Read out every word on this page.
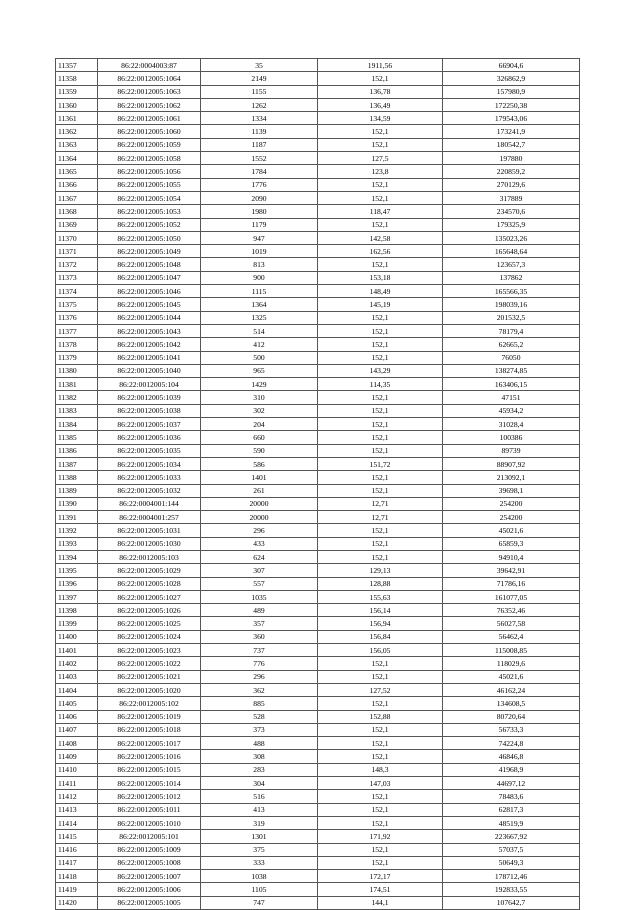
11357	86:22:0004003:87	35	1911,56	66904,6
11358	86:22:0012005:1064	2149	152,1	326862,9
11359	86:22:0012005:1063	1155	136,78	157980,9
11360	86:22:0012005:1062	1262	136,49	172250,38
11361	86:22:0012005:1061	1334	134,59	179543,06
11362	86:22:0012005:1060	1139	152,1	173241,9
11363	86:22:0012005:1059	1187	152,1	180542,7
11364	86:22:0012005:1058	1552	127,5	197880
11365	86:22:0012005:1056	1784	123,8	220859,2
11366	86:22:0012005:1055	1776	152,1	270129,6
11367	86:22:0012005:1054	2090	152,1	317889
11368	86:22:0012005:1053	1980	118,47	234570,6
11369	86:22:0012005:1052	1179	152,1	179325,9
11370	86:22:0012005:1050	947	142,58	135023,26
11371	86:22:0012005:1049	1019	162,56	165648,64
11372	86:22:0012005:1048	813	152,1	123657,3
11373	86:22:0012005:1047	900	153,18	137862
11374	86:22:0012005:1046	1115	148,49	165566,35
11375	86:22:0012005:1045	1364	145,19	198039,16
11376	86:22:0012005:1044	1325	152,1	201532,5
11377	86:22:0012005:1043	514	152,1	78179,4
11378	86:22:0012005:1042	412	152,1	62665,2
11379	86:22:0012005:1041	500	152,1	76050
11380	86:22:0012005:1040	965	143,29	138274,85
11381	86:22:0012005:104	1429	114,35	163406,15
11382	86:22:0012005:1039	310	152,1	47151
11383	86:22:0012005:1038	302	152,1	45934,2
11384	86:22:0012005:1037	204	152,1	31028,4
11385	86:22:0012005:1036	660	152,1	100386
11386	86:22:0012005:1035	590	152,1	89739
11387	86:22:0012005:1034	586	151,72	88907,92
11388	86:22:0012005:1033	1401	152,1	213092,1
11389	86:22:0012005:1032	261	152,1	39698,1
11390	86:22:0004001:144	20000	12,71	254200
11391	86:22:0004001:257	20000	12,71	254200
11392	86:22:0012005:1031	296	152,1	45021,6
11393	86:22:0012005:1030	433	152,1	65859,3
11394	86:22:0012005:103	624	152,1	94910,4
11395	86:22:0012005:1029	307	129,13	39642,91
11396	86:22:0012005:1028	557	128,88	71786,16
11397	86:22:0012005:1027	1035	155,63	161077,05
11398	86:22:0012005:1026	489	156,14	76352,46
11399	86:22:0012005:1025	357	156,94	56027,58
11400	86:22:0012005:1024	360	156,84	56462,4
11401	86:22:0012005:1023	737	156,05	115008,85
11402	86:22:0012005:1022	776	152,1	118029,6
11403	86:22:0012005:1021	296	152,1	45021,6
11404	86:22:0012005:1020	362	127,52	46162,24
11405	86:22:0012005:102	885	152,1	134608,5
11406	86:22:0012005:1019	528	152,88	80720,64
11407	86:22:0012005:1018	373	152,1	56733,3
11408	86:22:0012005:1017	488	152,1	74224,8
11409	86:22:0012005:1016	308	152,1	46846,8
11410	86:22:0012005:1015	283	148,3	41968,9
11411	86:22:0012005:1014	304	147,03	44697,12
11412	86:22:0012005:1012	516	152,1	78483,6
11413	86:22:0012005:1011	413	152,1	62817,3
11414	86:22:0012005:1010	319	152,1	48519,9
11415	86:22:0012005:101	1301	171,92	223667,92
11416	86:22:0012005:1009	375	152,1	57037,5
11417	86:22:0012005:1008	333	152,1	50649,3
11418	86:22:0012005:1007	1038	172,17	178712,46
11419	86:22:0012005:1006	1105	174,51	192833,55
11420	86:22:0012005:1005	747	144,1	107642,7
